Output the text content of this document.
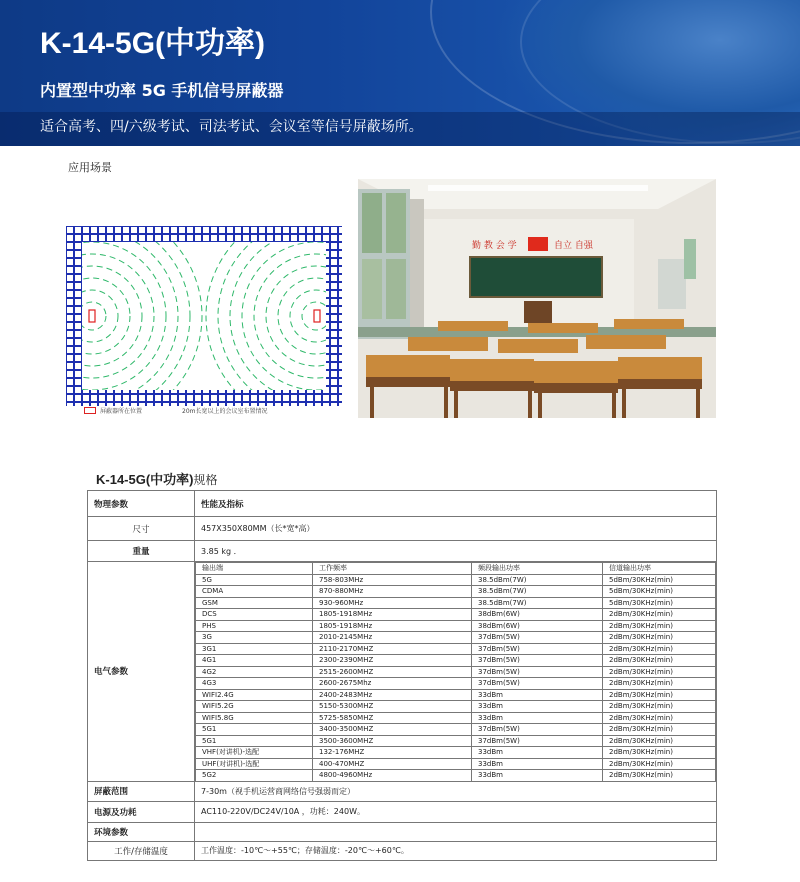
K-14-5G(中功率)
内置型中功率 5G 手机信号屏蔽器
适合高考、四/六级考试、司法考试、会议室等信号屏蔽场所。
应用场景
屏蔽器所在位置	20m长宽以上的会议室布置情况
勤 教 会 学	自立 自强
K-14-5G(中功率)规格
物理参数	性能及指标
尺寸	457X350X80MM（长*宽*高）
重量	3.85 kg ．
电气参数	
输出端	工作频率	频段输出功率	信道输出功率
5G	758-803MHz	38.5dBm(7W)	5dBm/30KHz(min)
CDMA	870-880MHz	38.5dBm(7W)	5dBm/30KHz(min)
GSM	930-960MHz	38.5dBm(7W)	5dBm/30KHz(min)
DCS	1805-1918MHz	38dBm(6W)	2dBm/30KHz(min)
PHS	1805-1918MHz	38dBm(6W)	2dBm/30KHz(min)
3G	2010-2145MHz	37dBm(5W)	2dBm/30KHz(min)
3G1	2110-2170MHZ	37dBm(5W)	2dBm/30KHz(min)
4G1	2300-2390MHZ	37dBm(5W)	2dBm/30KHz(min)
4G2	2515-2600MHZ	37dBm(5W)	2dBm/30KHz(min)
4G3	2600-2675Mhz	37dBm(5W)	2dBm/30KHz(min)
WIFI2.4G	2400-2483MHz	33dBm	2dBm/30KHz(min)
WIFI5.2G	5150-5300MHZ	33dBm	2dBm/30KHz(min)
WIFI5.8G	5725-5850MHZ	33dBm	2dBm/30KHz(min)
5G1	3400-3500MHZ	37dBm(5W)	2dBm/30KHz(min)
5G1	3500-3600MHZ	37dBm(5W)	2dBm/30KHz(min)
VHF(对讲机)-选配	132-176MHZ	33dBm	2dBm/30KHz(min)
UHF(对讲机)-选配	400-470MHZ	33dBm	2dBm/30KHz(min)
5G2	4800-4960MHz	33dBm	2dBm/30KHz(min)

屏蔽范围	7-30m（视手机运营商网络信号强弱而定）
电源及功耗	AC110-220V/DC24V/10A ，功耗：240W。
环境参数	
工作/存储温度	工作温度：-10℃～+55℃；存储温度：-20℃～+60℃。
